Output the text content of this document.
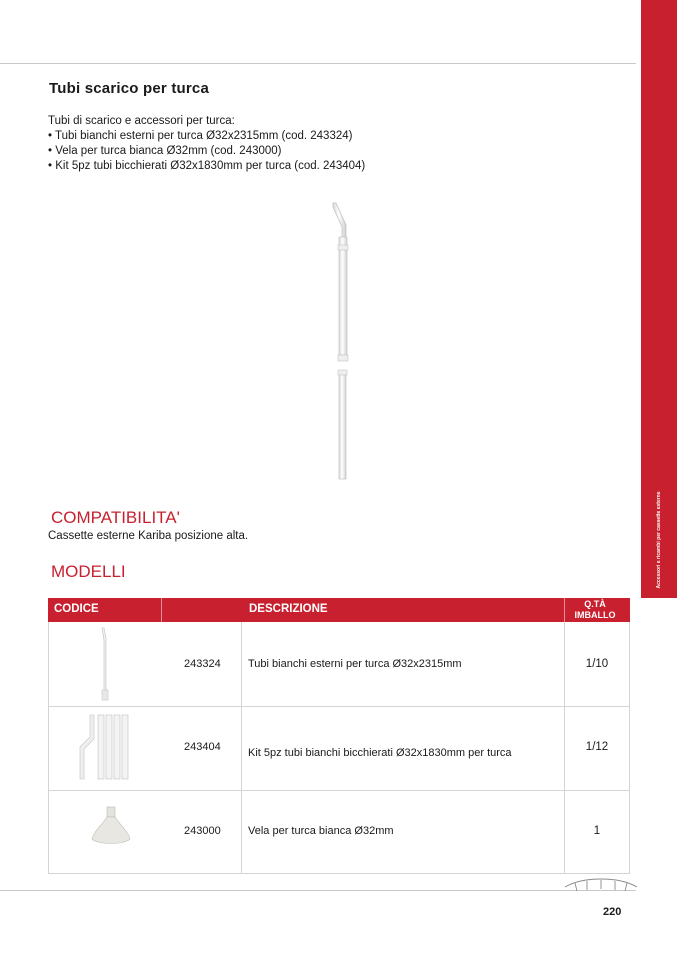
Accessori e ricambi per cassette esterne
Tubi scarico per turca
Tubi di scarico e accessori per turca:
• Tubi bianchi esterni per turca Ø32x2315mm (cod. 243324)
• Vela per turca bianca Ø32mm (cod. 243000)
• Kit 5pz tubi bicchierati Ø32x1830mm per turca (cod. 243404)
COMPATIBILITA'
Cassette esterne Kariba posizione alta.
MODELLI
CODICE	DESCRIZIONE	Q.TÀ
IMBALLO
243324 Tubi bianchi esterni per turca Ø32x2315mm	1/10
243404 Kit 5pz tubi bianchi bicchierati Ø32x1830mm per turca	1/12
243000 Vela per turca bianca Ø32mm	1
220
